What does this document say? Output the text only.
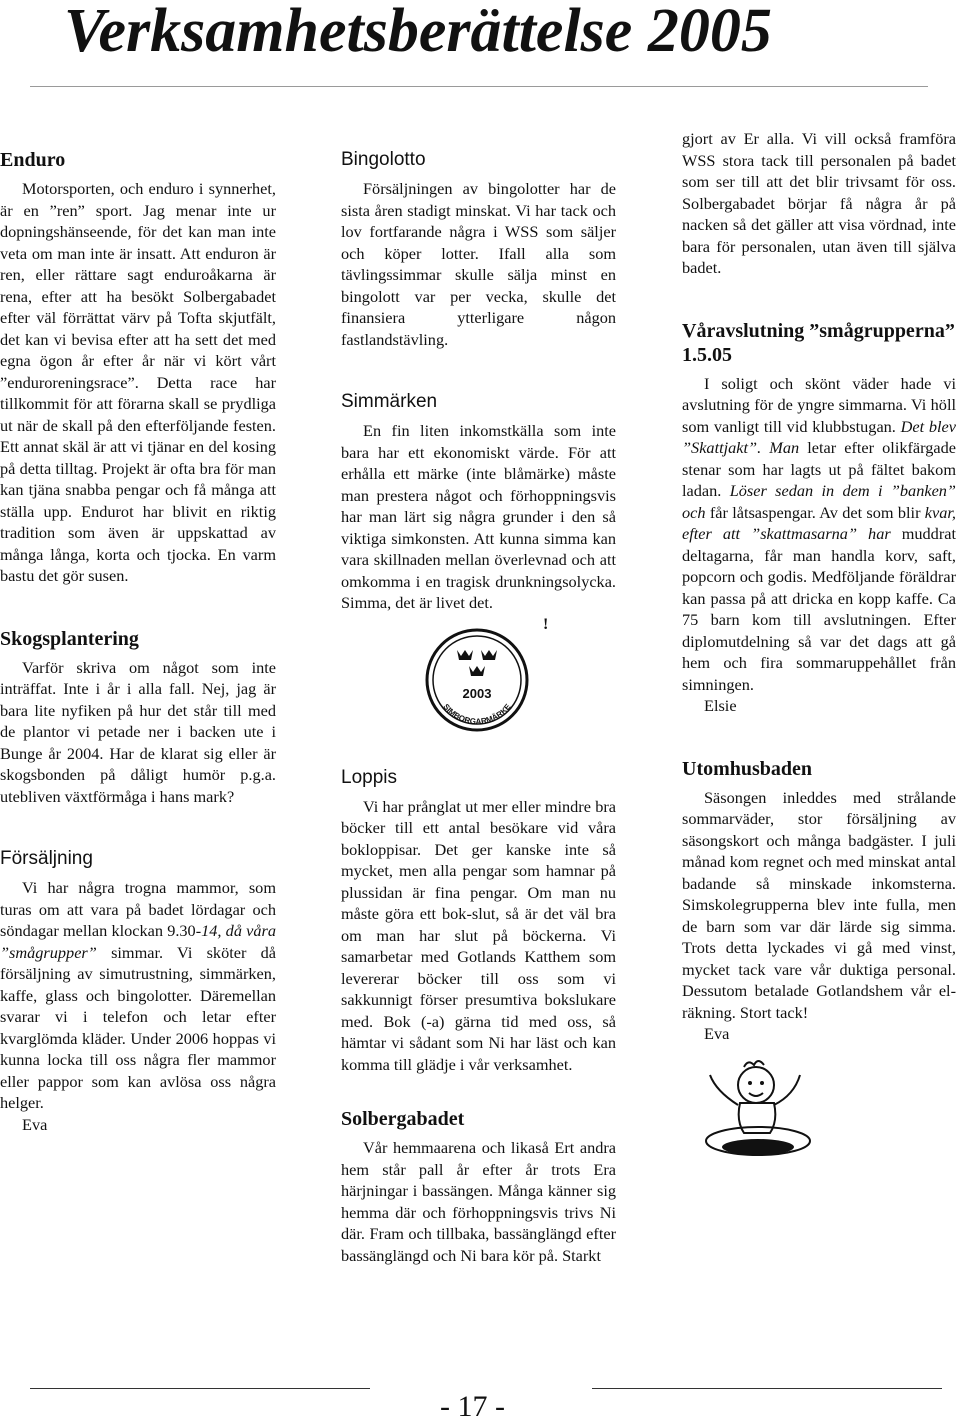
Verksamhetsberättelse 2005
Enduro

Motorsporten, och enduro i synnerhet, är en ”ren” sport. Jag menar inte ur dopningshänseende, för det kan man inte veta om man inte är insatt. Att enduron är ren, eller rättare sagt enduroåkarna är rena, efter att ha besökt Solbergabadet efter väl förrättat värv på Tofta skjutfält, det kan vi bevisa efter att ha sett det med egna ögon år efter år när vi kört vårt ”enduroreningsrace”. Detta race har tillkommit för att förarna skall se prydliga ut när de skall på den efterföljande festen. Ett annat skäl är att vi tjänar en del kosing på detta tilltag. Projekt är ofta bra för man kan tjäna snabba pengar och få många att ställa upp. Endurot har blivit en riktig tradition som även är uppskattad av många långa, korta och tjocka. En varm bastu det gör susen.

Skogsplantering

Varför skriva om något som inte inträffat. Inte i år i alla fall. Nej, jag är bara lite nyfiken på hur det står till med de plantor vi petade ner i backen ute i Bunge år 2004. Har de klarat sig eller är skogsbonden på dåligt humör p.g.a. utebliven växtförmåga i hans mark?

Försäljning

Vi har några trogna mammor, som turas om att vara på badet lördagar och söndagar mellan klockan 9.30-14, då våra ”smågrupper” simmar. Vi sköter då försäljning av simutrustning, simmärken, kaffe, glass och bingolotter. Däremellan svarar vi i telefon och letar efter kvarglömda kläder. Under 2006 hoppas vi kunna locka till oss några fler mammor eller pappor som kan avlösa oss några helger.

Eva

Bingolotto

Försäljningen av bingolotter har de sista åren stadigt minskat. Vi har tack och lov fortfarande några i WSS som säljer och köper lotter. Ifall alla som tävlingssimmar skulle sälja minst en bingolott var per vecka, skulle det finansiera ytterligare någon fastlandstävling.

Simmärken

En fin liten inkomstkälla som inte bara har ett ekonomiskt värde. För att erhålla ett märke (inte blåmärke) måste man prestera något och förhoppningsvis har man lärt sig några grunder i den så viktiga simkonsten. Att kunna simma kan vara skillnaden mellan överlevnad och att omkomma i en tragisk drunkningsolycka. Simma, det är livet det.

!
2003
SIMBORGARMÄRKE
Loppis

Vi har prånglat ut mer eller mindre bra böcker till ett antal besökare vid våra bokloppisar. Det ger kanske inte så mycket, men alla pengar som hamnar på plussidan är fina pengar. Om man nu måste göra ett bok-slut, så är det väl bra om man har slut på böckerna. Vi samarbetar med Gotlands Katthem som levererar böcker till oss som vi sakkunnigt förser presumtiva bokslukare med. Bok (-a) gärna tid med oss, så hämtar vi sådant som Ni har läst och kan komma till glädje i vår verksamhet.

Solbergabadet

Vår hemmaarena och likaså Ert andra hem står pall år efter år trots Era härjningar i bassängen. Många känner sig hemma där och förhoppningsvis trivs Ni där. Fram och tillbaka, bassänglängd efter bassänglängd och Ni bara kör på. Starkt

gjort av Er alla. Vi vill också framföra WSS stora tack till personalen på badet som ser till att det blir trivsamt för oss. Solbergabadet börjar få några år på nacken så det gäller att visa vördnad, inte bara för personalen, utan även till själva badet.

Våravslutning ”smågrupperna” 1.5.05

I soligt och skönt väder hade vi avslutning för de yngre simmarna. Vi höll som vanligt till vid klubbstugan. Det blev ”Skattjakt”. Man letar efter olikfärgade stenar som har lagts ut på fältet bakom ladan. Löser sedan in dem i ”banken” och får låtsaspengar. Av det som blir kvar, efter att ”skattmasarna” har muddrat deltagarna, får man handla korv, saft, popcorn och godis. Medföljande föräldrar kan passa på att dricka en kopp kaffe. Ca 75 barn kom till avslutningen. Efter diplomutdelning så var det dags att gå hem och fira sommaruppehållet från simningen.

Elsie

Utomhusbaden

Säsongen inleddes med strålande sommarväder, stor försäljning av säsongskort och många badgäster. I juli månad kom regnet och med minskat antal badande så minskade inkomsterna. Simskolegrupperna blev inte fulla, men de barn som var där lärde sig simma. Trots detta lyckades vi gå med vinst, mycket tack vare vår duktiga personal. Dessutom betalade Gotlandshem vår el-räkning. Stort tack!

Eva

- 17 -
